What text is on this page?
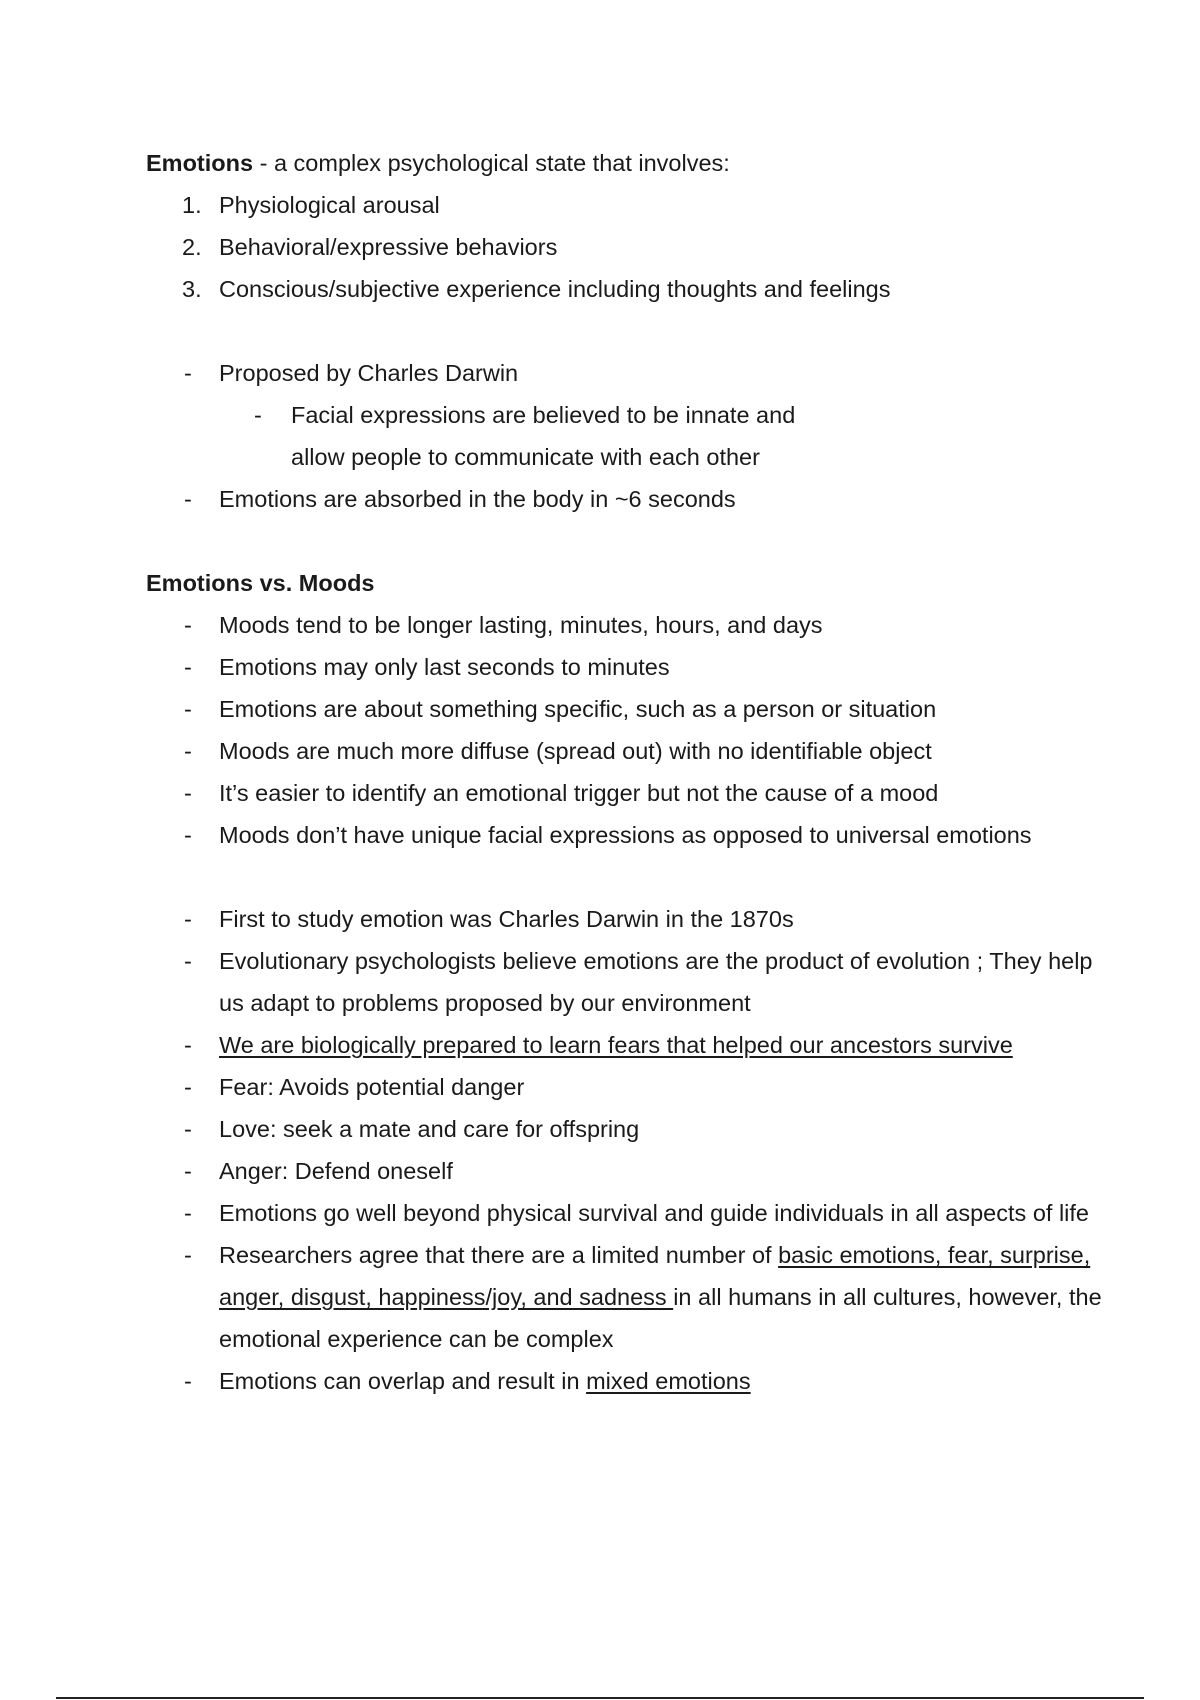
Emotions - a complex psychological state that involves:
1. Physiological arousal
2. Behavioral/expressive behaviors
3. Conscious/subjective experience including thoughts and feelings
- Proposed by Charles Darwin
- Facial expressions are believed to be innate and allow people to communicate with each other
- Emotions are absorbed in the body in ~6 seconds
Emotions vs. Moods
- Moods tend to be longer lasting, minutes, hours, and days
- Emotions may only last seconds to minutes
- Emotions are about something specific, such as a person or situation
- Moods are much more diffuse (spread out) with no identifiable object
- It’s easier to identify an emotional trigger but not the cause of a mood
- Moods don’t have unique facial expressions as opposed to universal emotions
- First to study emotion was Charles Darwin in the 1870s
- Evolutionary psychologists believe emotions are the product of evolution ; They help us adapt to problems proposed by our environment
- We are biologically prepared to learn fears that helped our ancestors survive
- Fear: Avoids potential danger
- Love: seek a mate and care for offspring
- Anger: Defend oneself
- Emotions go well beyond physical survival and guide individuals in all aspects of life
- Researchers agree that there are a limited number of basic emotions, fear, surprise, anger, disgust, happiness/joy, and sadness in all humans in all cultures, however, the emotional experience can be complex
- Emotions can overlap and result in mixed emotions
